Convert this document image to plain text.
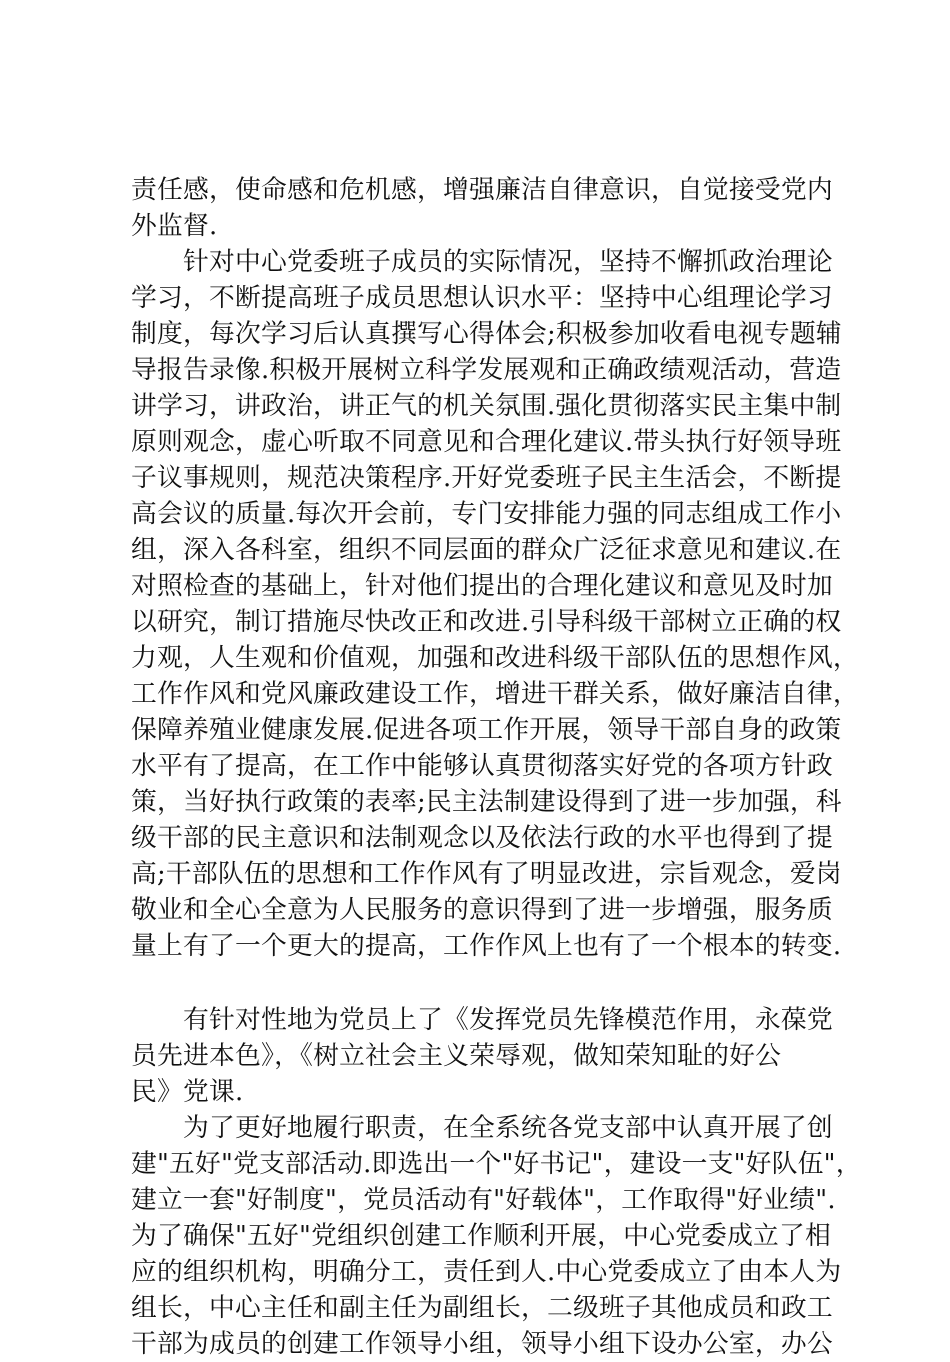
责任感，使命感和危机感，增强廉洁自律意识，自觉接受党内
外监督.
　　针对中心党委班子成员的实际情况，坚持不懈抓政治理论
学习，不断提高班子成员思想认识水平：坚持中心组理论学习
制度，每次学习后认真撰写心得体会;积极参加收看电视专题辅
导报告录像.积极开展树立科学发展观和正确政绩观活动，营造
讲学习，讲政治，讲正气的机关氛围.强化贯彻落实民主集中制
原则观念，虚心听取不同意见和合理化建议.带头执行好领导班
子议事规则，规范决策程序.开好党委班子民主生活会，不断提
高会议的质量.每次开会前，专门安排能力强的同志组成工作小
组，深入各科室，组织不同层面的群众广泛征求意见和建议.在
对照检查的基础上，针对他们提出的合理化建议和意见及时加
以研究，制订措施尽快改正和改进.引导科级干部树立正确的权
力观，人生观和价值观，加强和改进科级干部队伍的思想作风，
工作作风和党风廉政建设工作，增进干群关系，做好廉洁自律，
保障养殖业健康发展.促进各项工作开展，领导干部自身的政策
水平有了提高，在工作中能够认真贯彻落实好党的各项方针政
策，当好执行政策的表率;民主法制建设得到了进一步加强，科
级干部的民主意识和法制观念以及依法行政的水平也得到了提
高;干部队伍的思想和工作作风有了明显改进，宗旨观念，爱岗
敬业和全心全意为人民服务的意识得到了进一步增强，服务质
量上有了一个更大的提高，工作作风上也有了一个根本的转变.
　　有针对性地为党员上了《发挥党员先锋模范作用，永葆党
员先进本色》，《树立社会主义荣辱观，做知荣知耻的好公
民》党课.
　　为了更好地履行职责，在全系统各党支部中认真开展了创
建"五好"党支部活动.即选出一个"好书记"，建设一支"好队伍"，
建立一套"好制度"，党员活动有"好载体"，工作取得"好业绩".
为了确保"五好"党组织创建工作顺利开展，中心党委成立了相
应的组织机构，明确分工，责任到人.中心党委成立了由本人为
组长，中心主任和副主任为副组长，二级班子其他成员和政工
干部为成员的创建工作领导小组，领导小组下设办公室，办公
